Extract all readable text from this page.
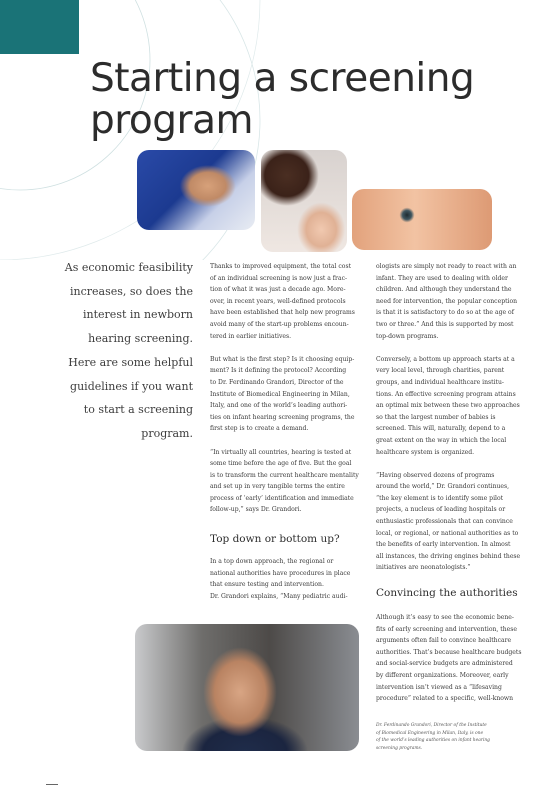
Starting a screening
program

As economic feasibility
increases, so does the
interest in newborn
hearing screening.
Here are some helpful
guidelines if you want
to start a screening
program.

Thanks to improved equipment, the total cost
of an individual screening is now just a frac-
tion of what it was just a decade ago. More-
over, in recent years, well-defined protocols
have been established that help new programs
avoid many of the start-up problems encoun-
tered in earlier initiatives.

But what is the first step? Is it choosing equip-
ment? Is it defining the protocol? According
to Dr. Ferdinando Grandori, Director of the
Institute of Biomedical Engineering in Milan,
Italy, and one of the world’s leading authori-
ties on infant hearing screening programs, the
first step is to create a demand.

“In virtually all countries, hearing is tested at
some time before the age of five. But the goal
is to transform the current healthcare mentality
and set up in very tangible terms the entire
process of ‘early’ identification and immediate
follow-up,” says Dr. Grandori.

Top down or bottom up?

In a top down approach, the regional or
national authorities have procedures in place
that ensure testing and intervention.
Dr. Grandori explains, “Many pediatric audi-

ologists are simply not ready to react with an
infant. They are used to dealing with older
children. And although they understand the
need for intervention, the popular conception
is that it is satisfactory to do so at the age of
two or three.” And this is supported by most
top-down programs.

Conversely, a bottom up approach starts at a
very local level, through charities, parent
groups, and individual healthcare institu-
tions. An effective screening program attains
an optimal mix between these two approaches
so that the largest number of babies is
screened. This will, naturally, depend to a
great extent on the way in which the local
healthcare system is organized.

“Having observed dozens of programs
around the world,” Dr. Grandori continues,
“the key element is to identify some pilot
projects, a nucleus of leading hospitals or
enthusiastic professionals that can convince
local, or regional, or national authorities as to
the benefits of early intervention. In almost
all instances, the driving engines behind these
initiatives are neonatologists.”

Convincing the authorities

Although it’s easy to see the economic bene-
fits of early screening and intervention, these
arguments often fail to convince healthcare
authorities. That’s because healthcare budgets
and social-service budgets are administered
by different organizations. Moreover, early
intervention isn’t viewed as a “lifesaving
procedure” related to a specific, well-known

Dr. Ferdinando Grandori, Director of the Institute
of Biomedical Engineering in Milan, Italy, is one
of the world’s leading authorities on infant hearing
screening programs.
